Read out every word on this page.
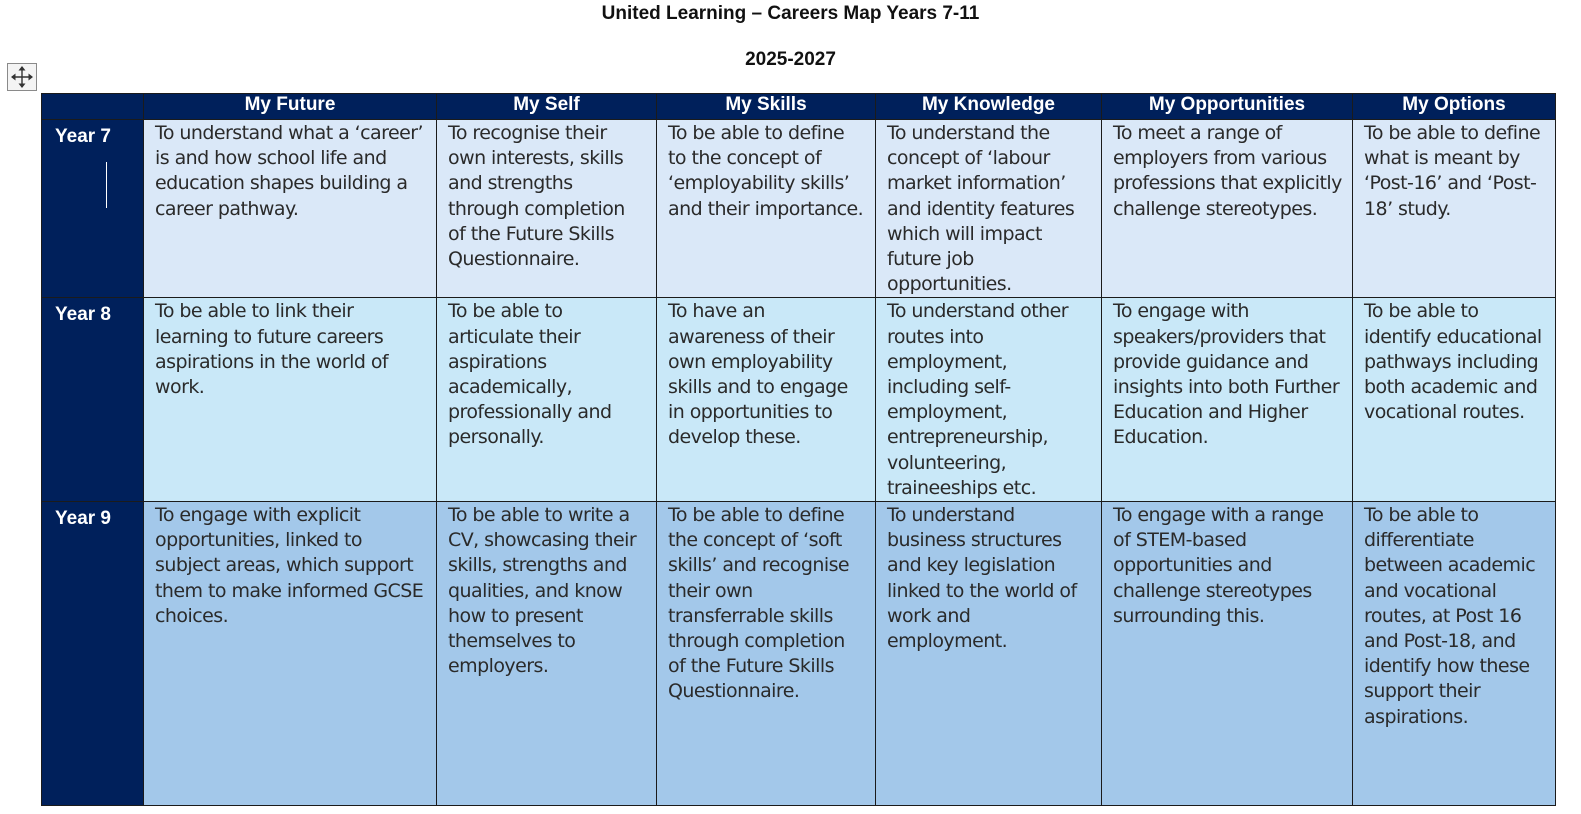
United Learning – Careers Map Years 7-11
2025-2027
	My Future	My Self	My Skills	My Knowledge	My Opportunities	My Options
Year 7	To understand what a ‘career’ is and how school life and education shapes building a career pathway.	To recognise their own interests, skills and strengths through completion of the Future Skills Questionnaire.	To be able to define to the concept of ‘employability skills’ and their importance.	To understand the concept of ‘labour market information’ and identity features which will impact future job opportunities.	To meet a range of employers from various professions that explicitly challenge stereotypes.	To be able to define what is meant by ‘Post-16’ and ‘Post-18’ study.
Year 8	To be able to link their learning to future careers aspirations in the world of work.	To be able to articulate their aspirations academically, professionally and personally.	To have an awareness of their own employability skills and to engage in opportunities to develop these.	To understand other routes into employment, including self-employment, entrepreneurship, volunteering, traineeships etc.	To engage with speakers/providers that provide guidance and insights into both Further Education and Higher Education.	To be able to identify educational pathways including both academic and vocational routes.
Year 9	To engage with explicit opportunities, linked to subject areas, which support them to make informed GCSE choices.	To be able to write a CV, showcasing their skills, strengths and qualities, and know how to present themselves to employers.	To be able to define the concept of ‘soft skills’ and recognise their own transferrable skills through completion of the Future Skills Questionnaire.	To understand business structures and key legislation linked to the world of work and employment.	To engage with a range of STEM-based opportunities and challenge stereotypes surrounding this.	To be able to differentiate between academic and vocational routes, at Post 16 and Post-18, and identify how these support their aspirations.
